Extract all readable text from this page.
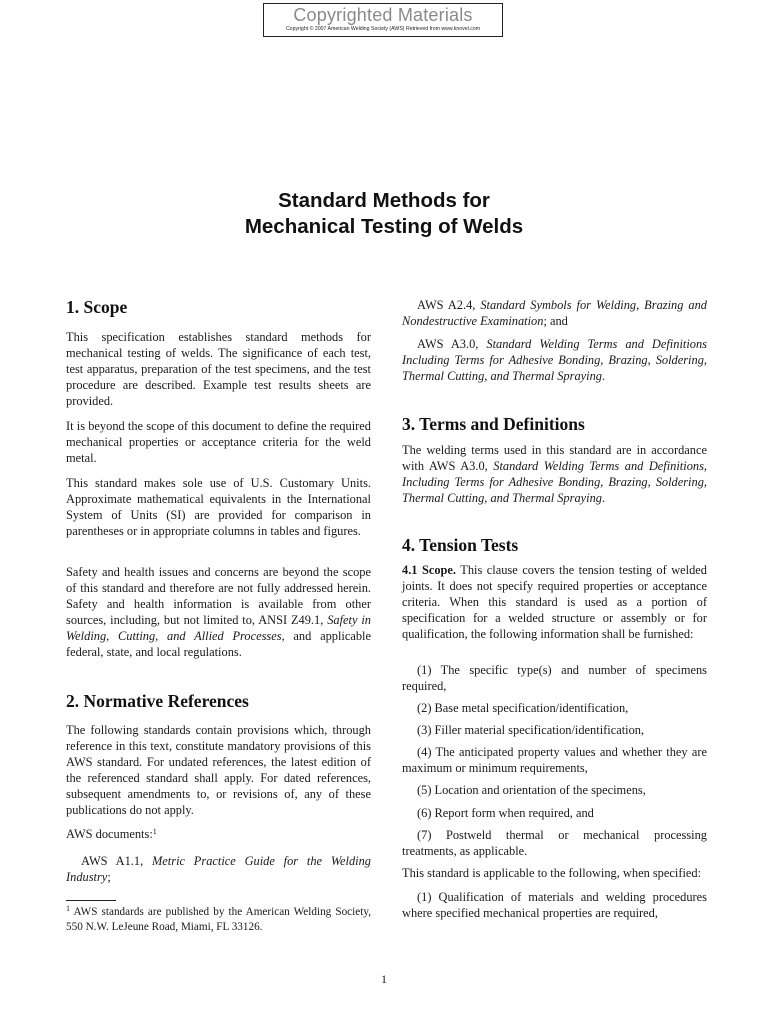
Copyrighted Materials
Copyright © 2007 American Welding Society (AWS) Retrieved from www.knovel.com
Standard Methods for
Mechanical Testing of Welds
1. Scope

This specification establishes standard methods for mechanical testing of welds. The significance of each test, test apparatus, preparation of the test specimens, and the test procedure are described. Example test results sheets are provided.

It is beyond the scope of this document to define the required mechanical properties or acceptance criteria for the weld metal.

This standard makes sole use of U.S. Customary Units. Approximate mathematical equivalents in the International System of Units (SI) are provided for comparison in parentheses or in appropriate columns in tables and figures.

Safety and health issues and concerns are beyond the scope of this standard and therefore are not fully addressed herein. Safety and health information is available from other sources, including, but not limited to, ANSI Z49.1, Safety in Welding, Cutting, and Allied Processes, and applicable federal, state, and local regulations.

2. Normative References

The following standards contain provisions which, through reference in this text, constitute mandatory provisions of this AWS standard. For undated references, the latest edition of the referenced standard shall apply. For dated references, subsequent amendments to, or revisions of, any of these publications do not apply.

AWS documents:$^1$

AWS A1.1, Metric Practice Guide for the Welding Industry;

$^1$ AWS standards are published by the American Welding Society, 550 N.W. LeJeune Road, Miami, FL 33126.

AWS A2.4, Standard Symbols for Welding, Brazing and Nondestructive Examination; and

AWS A3.0, Standard Welding Terms and Definitions Including Terms for Adhesive Bonding, Brazing, Soldering, Thermal Cutting, and Thermal Spraying.

3. Terms and Definitions

The welding terms used in this standard are in accordance with AWS A3.0, Standard Welding Terms and Definitions, Including Terms for Adhesive Bonding, Brazing, Soldering, Thermal Cutting, and Thermal Spraying.

4. Tension Tests

4.1 Scope. This clause covers the tension testing of welded joints. It does not specify required properties or acceptance criteria. When this standard is used as a portion of specification for a welded structure or assembly or for qualification, the following information shall be furnished:

(1) The specific type(s) and number of specimens required,

(2) Base metal specification/identification,

(3) Filler material specification/identification,

(4) The anticipated property values and whether they are maximum or minimum requirements,

(5) Location and orientation of the specimens,

(6) Report form when required, and

(7) Postweld thermal or mechanical processing treatments, as applicable.

This standard is applicable to the following, when specified:

(1) Qualification of materials and welding procedures where specified mechanical properties are required,

1
